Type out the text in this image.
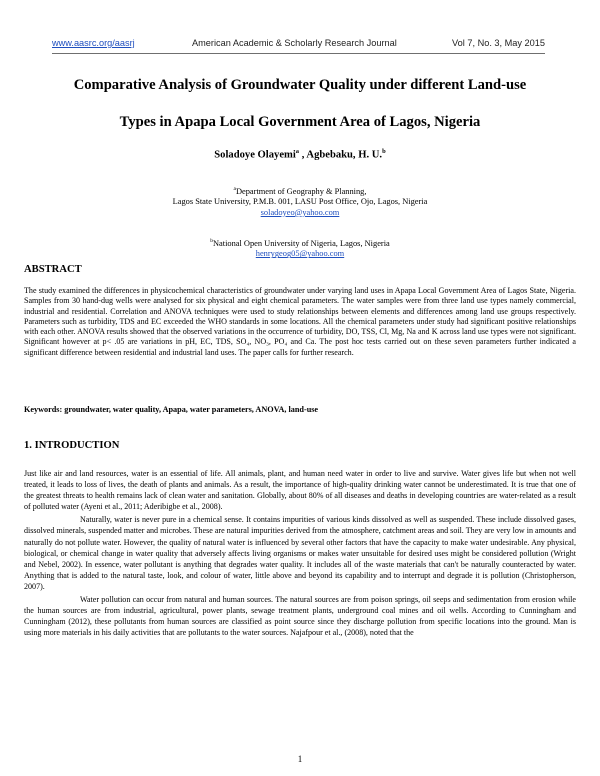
www.aasrc.org/aasrj	American Academic & Scholarly Research Journal	Vol 7, No. 3, May 2015
Comparative Analysis of Groundwater Quality under different Land-use
Types in Apapa Local Government Area of Lagos, Nigeria
Soladoye Olayemi$^a$ , Agbebaku, H. U.$^b$
$^a$Department of Geography & Planning,
Lagos State University, P.M.B. 001, LASU Post Office, Ojo, Lagos, Nigeria
soladoyeo@yahoo.com
$^b$National Open University of Nigeria, Lagos, Nigeria
henrygeog05@yahoo.com
ABSTRACT

The study examined the differences in physicochemical characteristics of groundwater under varying land uses in Apapa Local Government Area of Lagos State, Nigeria. Samples from 30 hand-dug wells were analysed for six physical and eight chemical parameters. The water samples were from three land use types namely commercial, industrial and residential. Correlation and ANOVA techniques were used to study relationships between elements and differences among land use groups respectively. Parameters such as turbidity, TDS and EC exceeded the WHO standards in some locations. All the chemical parameters under study had significant positive relationships with each other. ANOVA results showed that the observed variations in the occurrence of turbidity, DO, TSS, Cl, Mg, Na and K across land use types were not significant. Significant however at p< .05 are variations in pH, EC, TDS, SO₄, NO₃, PO₄ and Ca. The post hoc tests carried out on these seven parameters further indicated a significant difference between residential and industrial land uses. The paper calls for further research.

Keywords: groundwater, water quality, Apapa, water parameters, ANOVA, land-use

1. INTRODUCTION

Just like air and land resources, water is an essential of life. All animals, plant, and human need water in order to live and survive. Water gives life but when not well treated, it leads to loss of lives, the death of plants and animals. As a result, the importance of high-quality drinking water cannot be underestimated. It is true that one of the greatest threats to health remains lack of clean water and sanitation. Globally, about 80% of all diseases and deaths in developing countries are water-related as a result of polluted water (Ayeni et al., 2011; Aderibigbe et al., 2008).

Naturally, water is never pure in a chemical sense. It contains impurities of various kinds dissolved as well as suspended. These include dissolved gases, dissolved minerals, suspended matter and microbes. These are natural impurities derived from the atmosphere, catchment areas and soil. They are very low in amounts and naturally do not pollute water. However, the quality of natural water is influenced by several other factors that have the capacity to make water undesirable. Any physical, biological, or chemical change in water quality that adversely affects living organisms or makes water unsuitable for desired uses might be considered pollution (Wright and Nebel, 2002). In essence, water pollutant is anything that degrades water quality. It includes all of the waste materials that can't be naturally counteracted by water. Anything that is added to the natural taste, look, and colour of water, little above and beyond its capability and to interrupt and degrade it is pollution (Christopherson, 2007).

Water pollution can occur from natural and human sources. The natural sources are from poison springs, oil seeps and sedimentation from erosion while the human sources are from industrial, agricultural, power plants, sewage treatment plants, underground coal mines and oil wells. According to Cunningham and Cunningham (2012), these pollutants from human sources are classified as point source since they discharge pollution from specific locations into the ground. Man is using more materials in his daily activities that are pollutants to the water sources. Najafpour et al., (2008), noted that the

1
